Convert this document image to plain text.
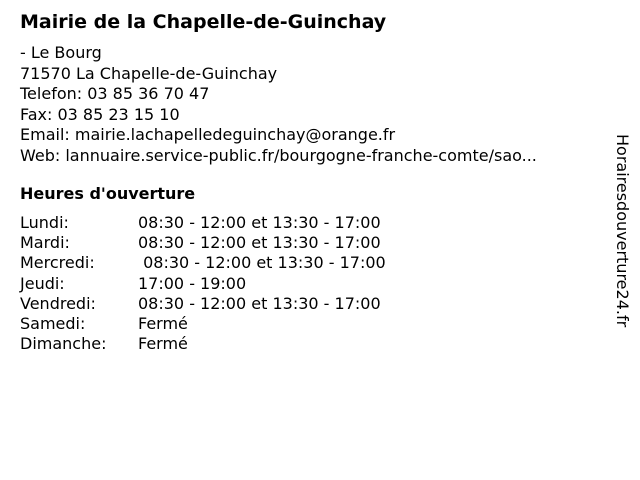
Mairie de la Chapelle-de-Guinchay
- Le Bourg
71570 La Chapelle-de-Guinchay
Telefon: 03 85 36 70 47
Fax: 03 85 23 15 10
Email: mairie.lachapelledeguinchay@orange.fr
Web: lannuaire.service-public.fr/bourgogne-franche-comte/sao...
Heures d'ouverture
Lundi:	08:30 - 12:00 et 13:30 - 17:00
Mardi:	08:30 - 12:00 et 13:30 - 17:00
Mercredi:	08:30 - 12:00 et 13:30 - 17:00
Jeudi:	17:00 - 19:00
Vendredi:	08:30 - 12:00 et 13:30 - 17:00
Samedi:	Fermé
Dimanche: Fermé
Horairesdouverture24.fr
